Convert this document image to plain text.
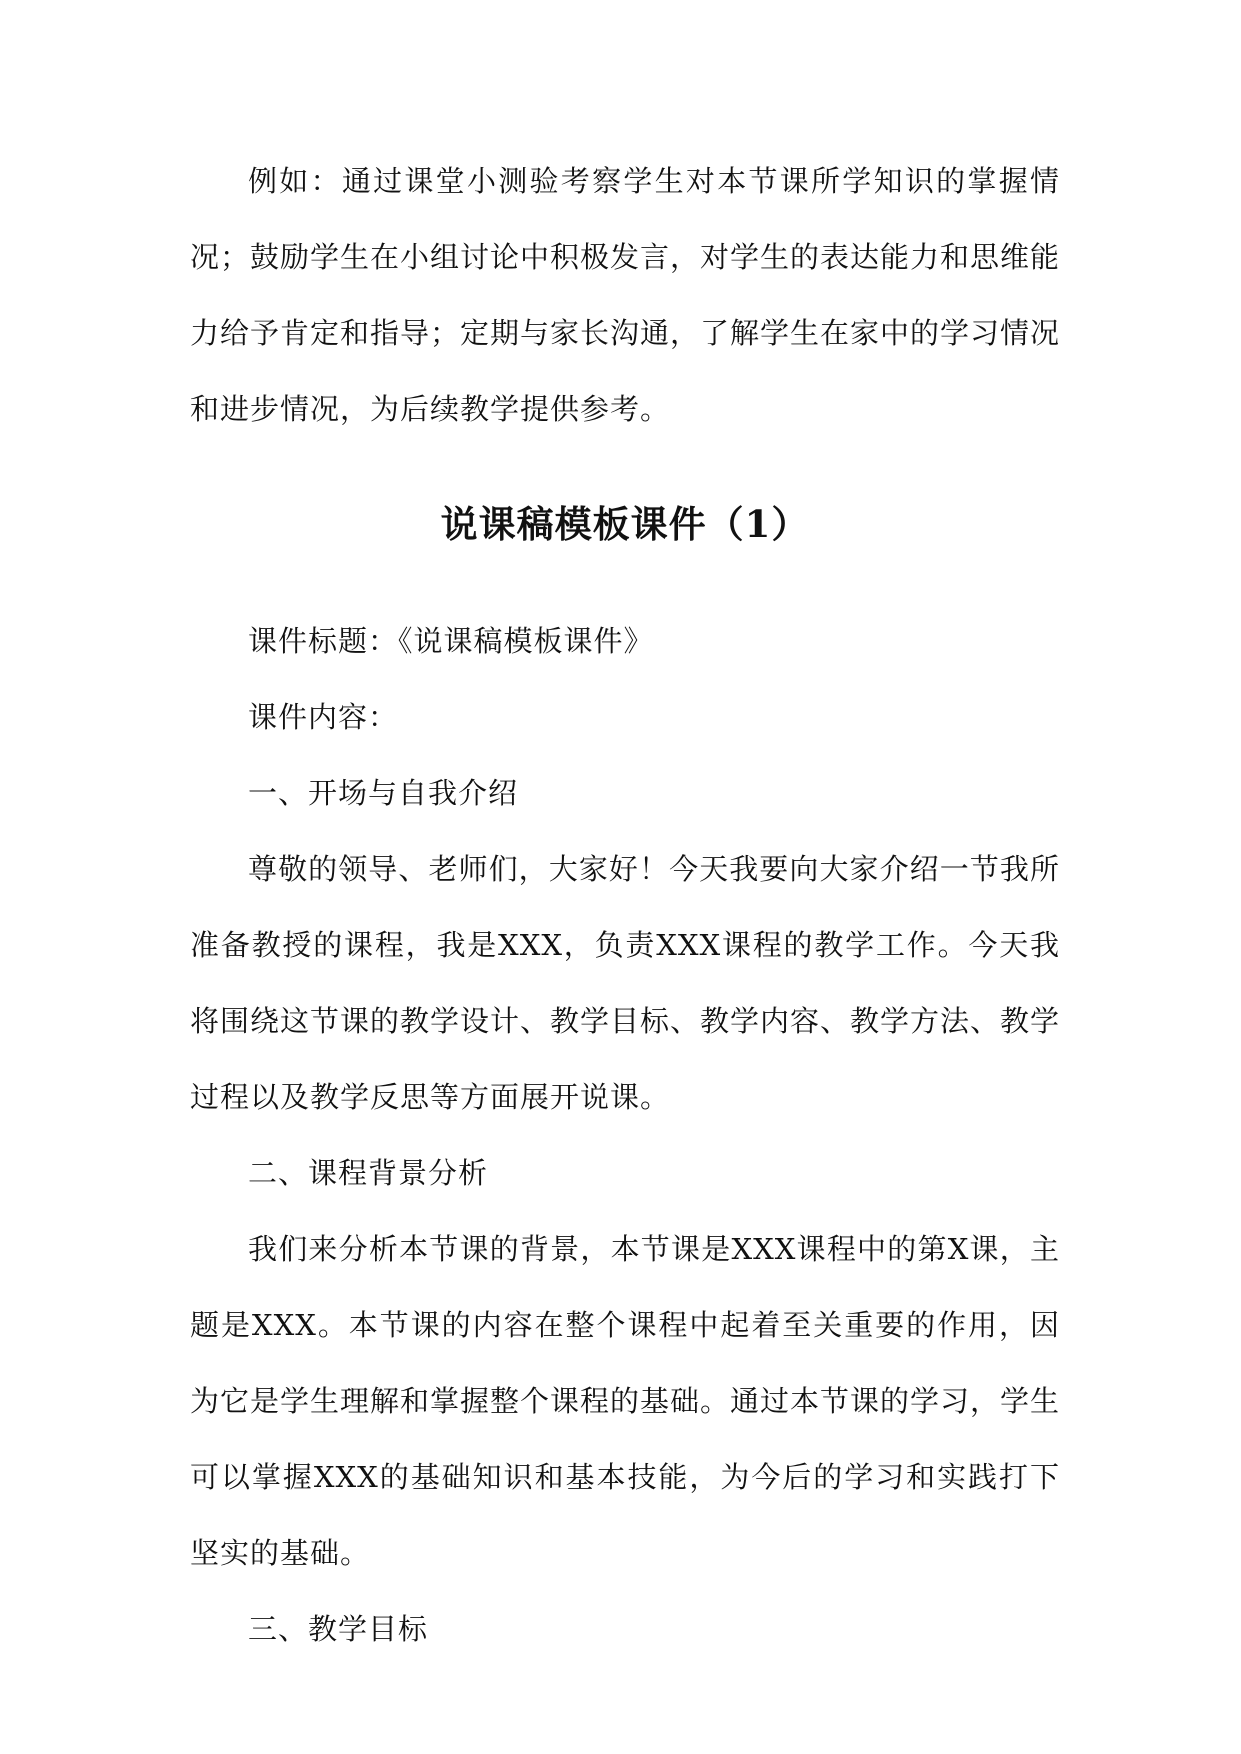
例如：通过课堂小测验考察学生对本节课所学知识的掌握情况；鼓励学生在小组讨论中积极发言，对学生的表达能力和思维能力给予肯定和指导；定期与家长沟通，了解学生在家中的学习情况和进步情况，为后续教学提供参考。

说课稿模板课件（1）

课件标题：《说课稿模板课件》

课件内容：

一、开场与自我介绍

尊敬的领导、老师们，大家好！今天我要向大家介绍一节我所准备教授的课程，我是XXX，负责XXX课程的教学工作。今天我将围绕这节课的教学设计、教学目标、教学内容、教学方法、教学过程以及教学反思等方面展开说课。

二、课程背景分析

我们来分析本节课的背景，本节课是XXX课程中的第X课，主题是XXX。本节课的内容在整个课程中起着至关重要的作用，因为它是学生理解和掌握整个课程的基础。通过本节课的学习，学生可以掌握XXX的基础知识和基本技能，为今后的学习和实践打下坚实的基础。

三、教学目标
